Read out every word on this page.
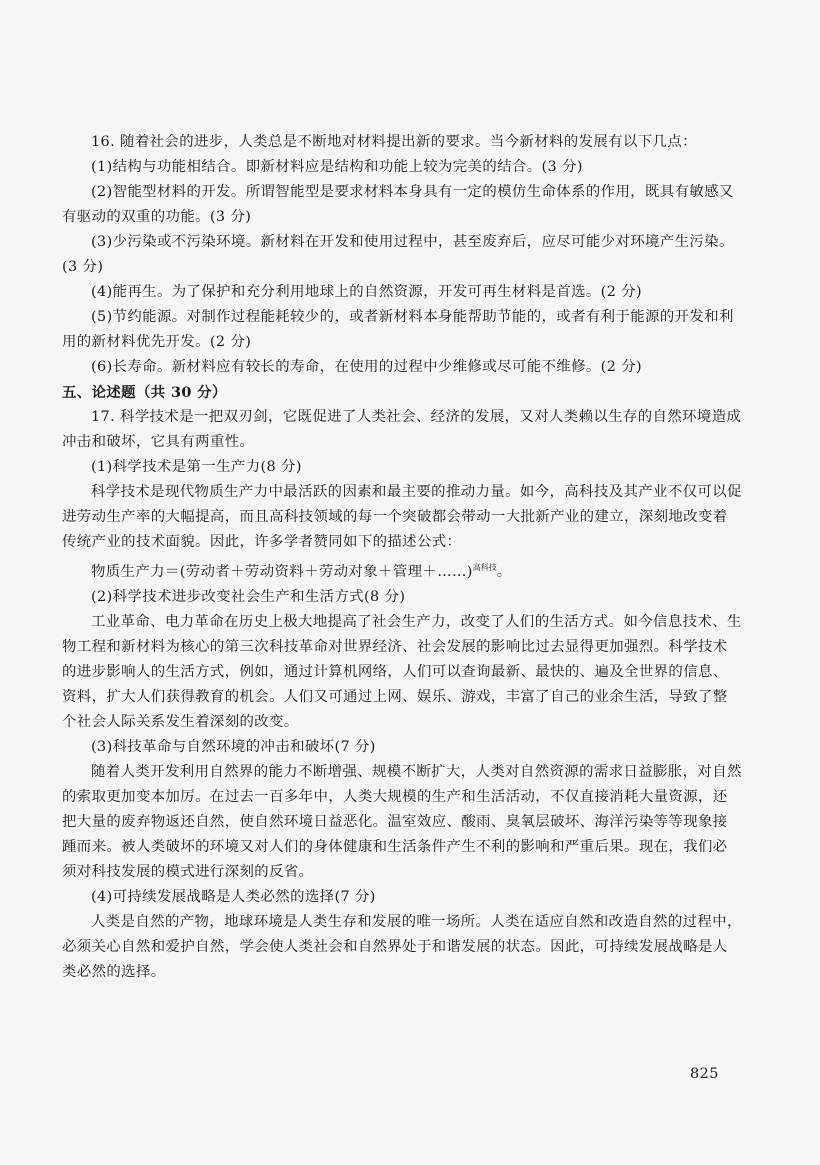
16. 随着社会的进步，人类总是不断地对材料提出新的要求。当今新材料的发展有以下几点：

(1)结构与功能相结合。即新材料应是结构和功能上较为完美的结合。(3 分)

(2)智能型材料的开发。所谓智能型是要求材料本身具有一定的模仿生命体系的作用，既具有敏感又有驱动的双重的功能。(3 分)

(3)少污染或不污染环境。新材料在开发和使用过程中，甚至废弃后，应尽可能少对环境产生污染。(3 分)

(4)能再生。为了保护和充分利用地球上的自然资源，开发可再生材料是首选。(2 分)

(5)节约能源。对制作过程能耗较少的，或者新材料本身能帮助节能的，或者有利于能源的开发和利用的新材料优先开发。(2 分)

(6)长寿命。新材料应有较长的寿命，在使用的过程中少维修或尽可能不维修。(2 分)

五、论述题（共 30 分）

17. 科学技术是一把双刃剑，它既促进了人类社会、经济的发展，又对人类赖以生存的自然环境造成冲击和破坏，它具有两重性。

(1)科学技术是第一生产力(8 分)

科学技术是现代物质生产力中最活跃的因素和最主要的推动力量。如今，高科技及其产业不仅可以促进劳动生产率的大幅提高，而且高科技领域的每一个突破都会带动一大批新产业的建立，深刻地改变着传统产业的技术面貌。因此，许多学者赞同如下的描述公式：

物质生产力＝(劳动者＋劳动资料＋劳动对象＋管理＋……)$^{高科技}$。

(2)科学技术进步改变社会生产和生活方式(8 分)

工业革命、电力革命在历史上极大地提高了社会生产力，改变了人们的生活方式。如今信息技术、生物工程和新材料为核心的第三次科技革命对世界经济、社会发展的影响比过去显得更加强烈。科学技术的进步影响人的生活方式，例如，通过计算机网络，人们可以查询最新、最快的、遍及全世界的信息、资料，扩大人们获得教育的机会。人们又可通过上网、娱乐、游戏，丰富了自己的业余生活，导致了整个社会人际关系发生着深刻的改变。

(3)科技革命与自然环境的冲击和破坏(7 分)

随着人类开发利用自然界的能力不断增强、规模不断扩大，人类对自然资源的需求日益膨胀，对自然的索取更加变本加厉。在过去一百多年中，人类大规模的生产和生活活动，不仅直接消耗大量资源，还把大量的废弃物返还自然，使自然环境日益恶化。温室效应、酸雨、臭氧层破坏、海洋污染等等现象接踵而来。被人类破坏的环境又对人们的身体健康和生活条件产生不利的影响和严重后果。现在，我们必须对科技发展的模式进行深刻的反省。

(4)可持续发展战略是人类必然的选择(7 分)

人类是自然的产物，地球环境是人类生存和发展的唯一场所。人类在适应自然和改造自然的过程中，必须关心自然和爱护自然，学会使人类社会和自然界处于和谐发展的状态。因此，可持续发展战略是人类必然的选择。

825
